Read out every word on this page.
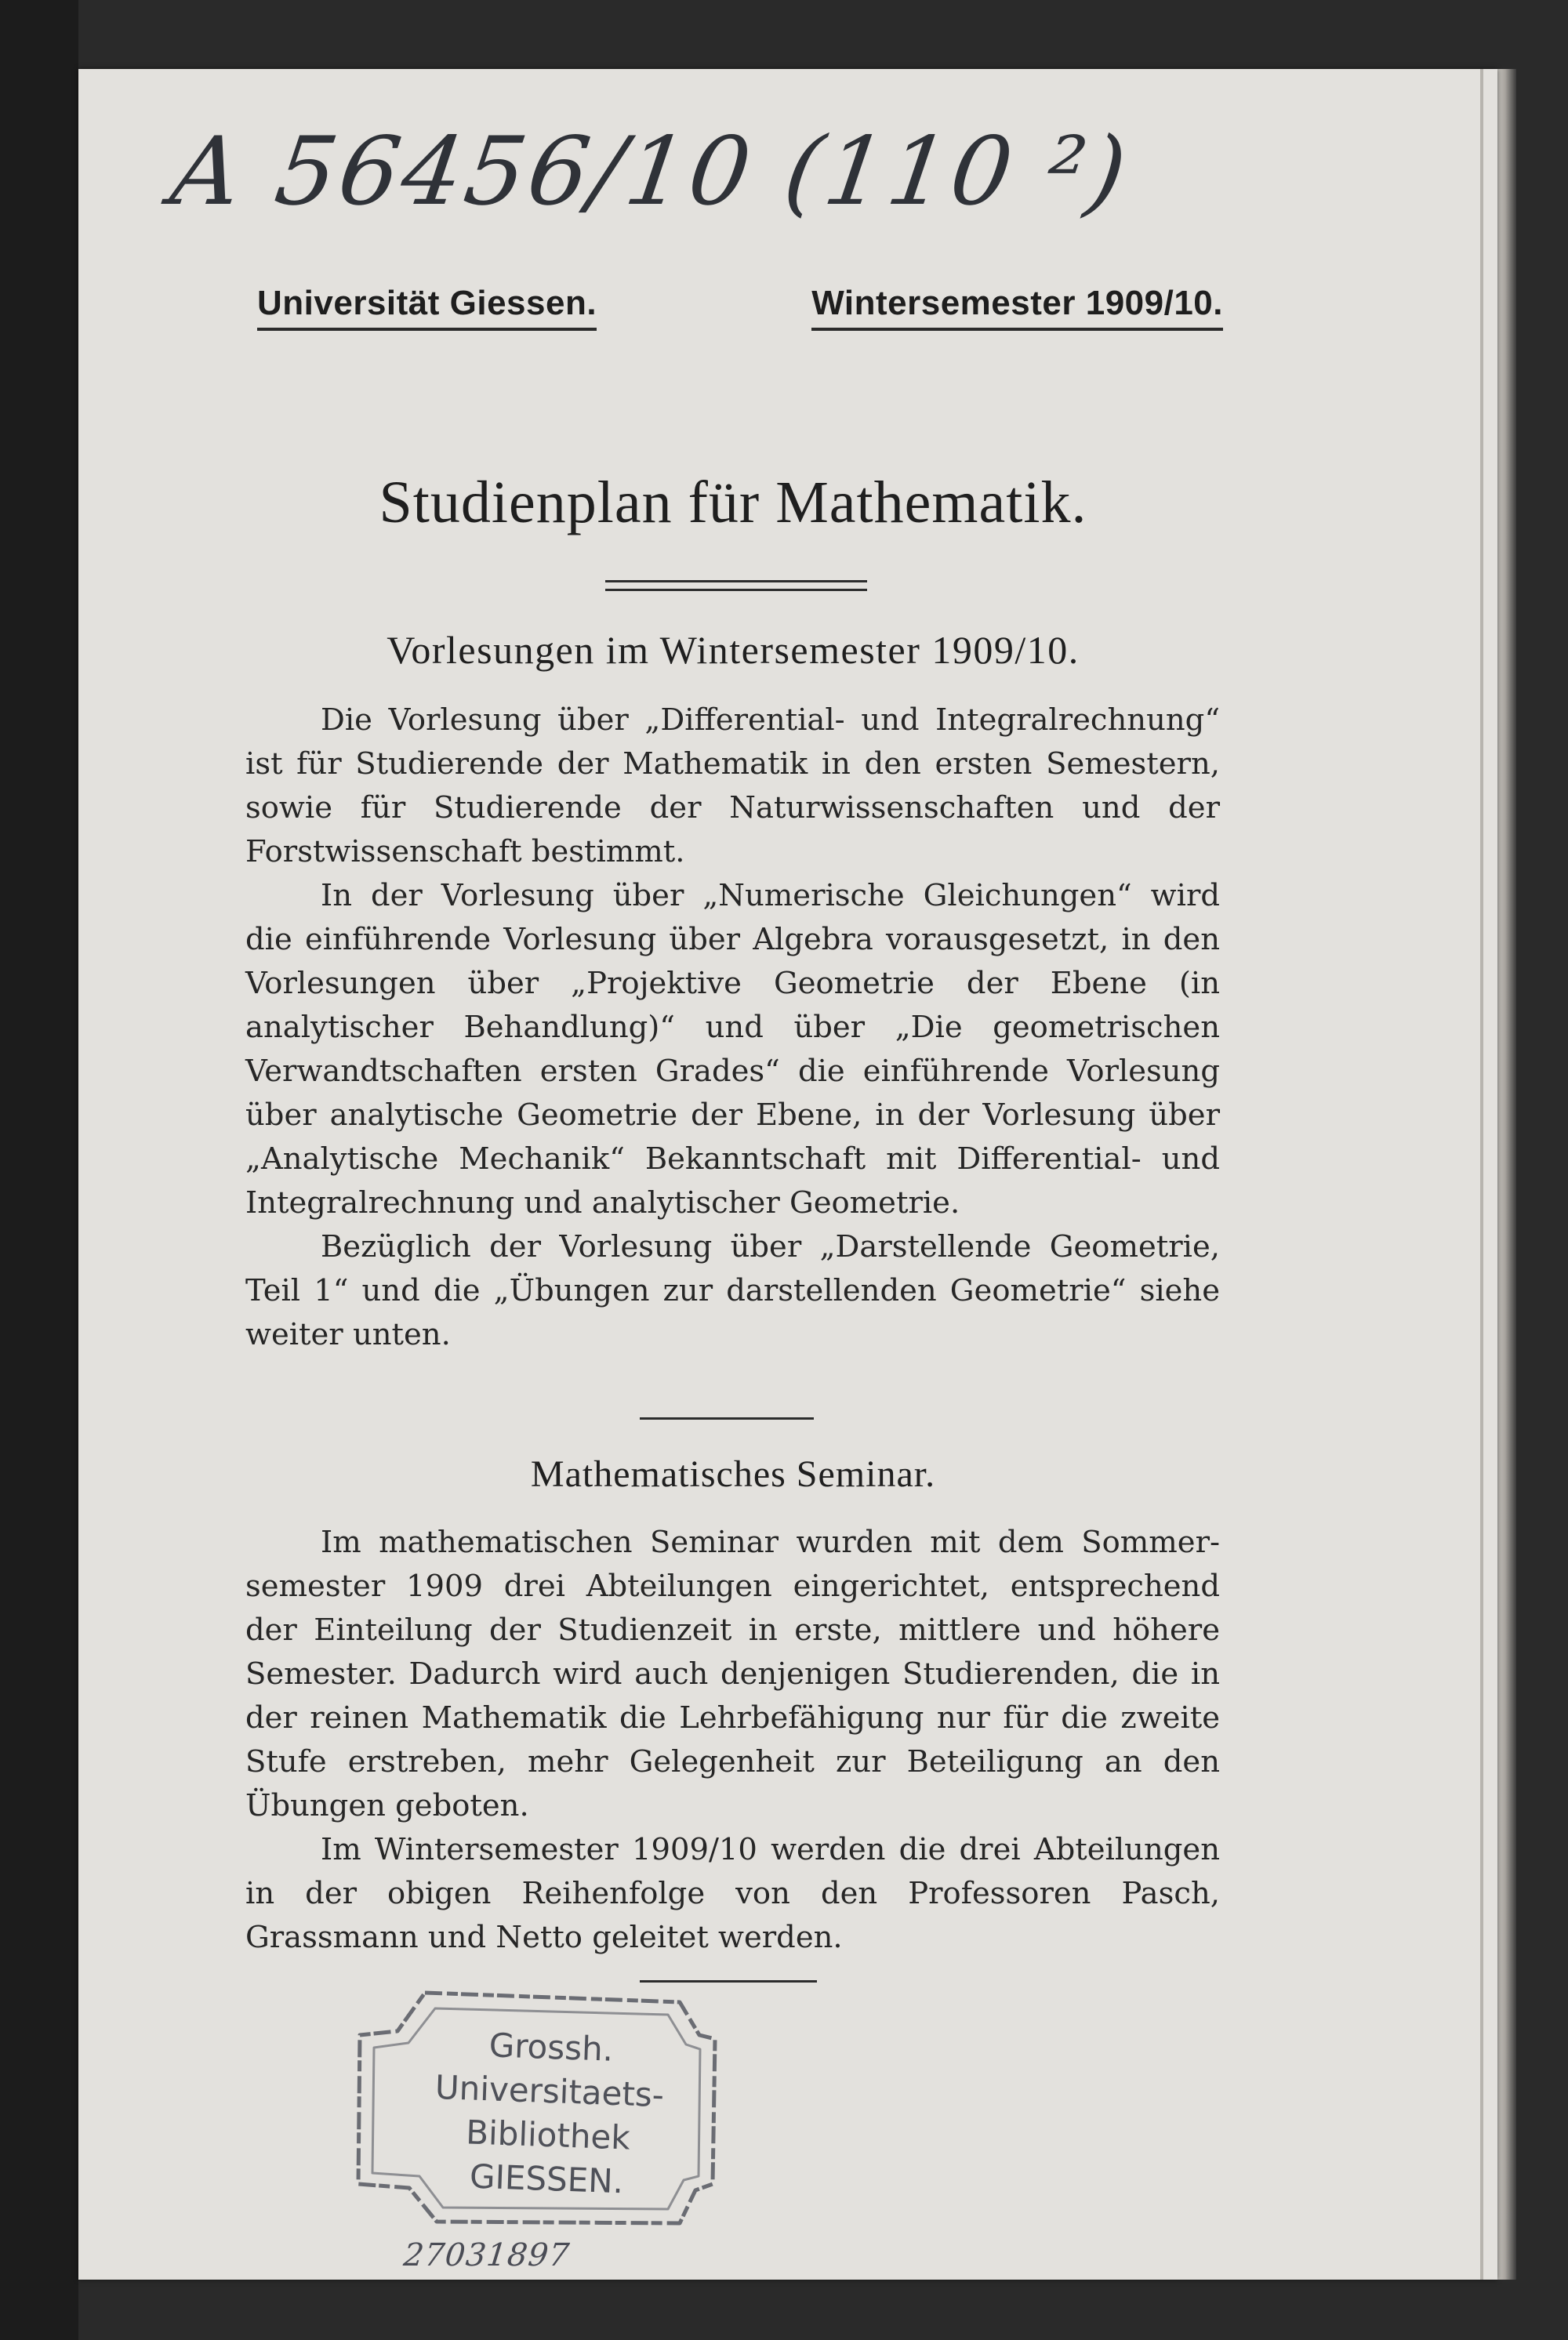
A 56456/10 (110 ²)
Universität Giessen.	Wintersemester 1909/10.
Studienplan für Mathematik.
Vorlesungen im Wintersemester 1909/10.

Die Vorlesung über „Differential- und Integralrechnung“ ist für Studierende der Mathematik in den ersten Semestern, sowie für Studierende der Naturwissenschaften und der Forstwissenschaft bestimmt.

In der Vorlesung über „Numerische Gleichungen“ wird die einführende Vorlesung über Algebra vorausgesetzt, in den Vorlesungen über „Projektive Geometrie der Ebene (in analytischer Behandlung)“ und über „Die geometrischen Verwandtschaften ersten Grades“ die einführende Vorlesung über analytische Geometrie der Ebene, in der Vorlesung über „Analytische Mechanik“ Bekanntschaft mit Differential- und Integralrechnung und analytischer Geometrie.

Bezüglich der Vorlesung über „Darstellende Geometrie, Teil 1“ und die „Übungen zur darstellenden Geometrie“ siehe weiter unten.

Mathematisches Seminar.

Im mathematischen Seminar wurden mit dem Sommersemester 1909 drei Abteilungen eingerichtet, entsprechend der Einteilung der Studienzeit in erste, mittlere und höhere Semester. Dadurch wird auch denjenigen Studierenden, die in der reinen Mathematik die Lehrbefähigung nur für die zweite Stufe erstreben, mehr Gelegenheit zur Beteiligung an den Übungen geboten.

Im Wintersemester 1909/10 werden die drei Abteilungen in der obigen Reihenfolge von den Professoren Pasch, Grassmann und Netto geleitet werden.

Grossh.
Universitaets-
Bibliothek
GIESSEN.
27031897
